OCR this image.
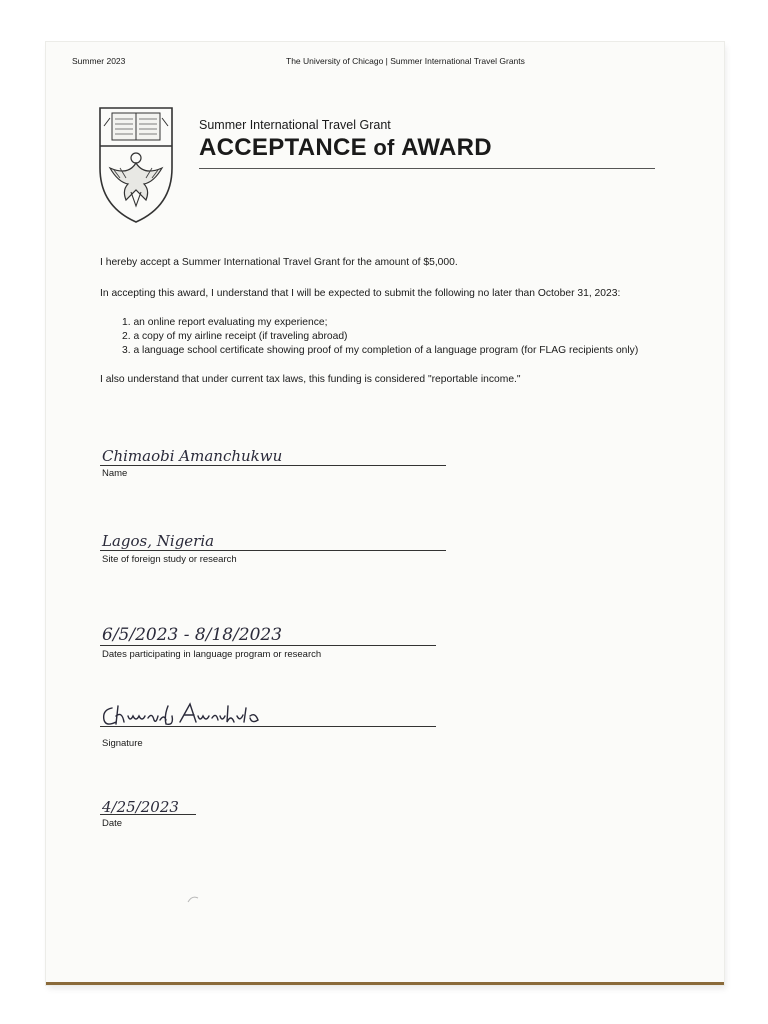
Summer 2023	The University of Chicago | Summer International Travel Grants
Summer International Travel Grant
ACCEPTANCE of AWARD
I hereby accept a Summer International Travel Grant for the amount of $5,000.
In accepting this award, I understand that I will be expected to submit the following no later than October 31, 2023:
1. an online report evaluating my experience;
2. a copy of my airline receipt (if traveling abroad)
3. a language school certificate showing proof of my completion of a language program (for FLAG recipients only)
I also understand that under current tax laws, this funding is considered "reportable income."
Chimaobi Amanchukwu
Name
Lagos, Nigeria
Site of foreign study or research
6/5/2023 - 8/18/2023
Dates participating in language program or research
Signature
4/25/2023
Date
